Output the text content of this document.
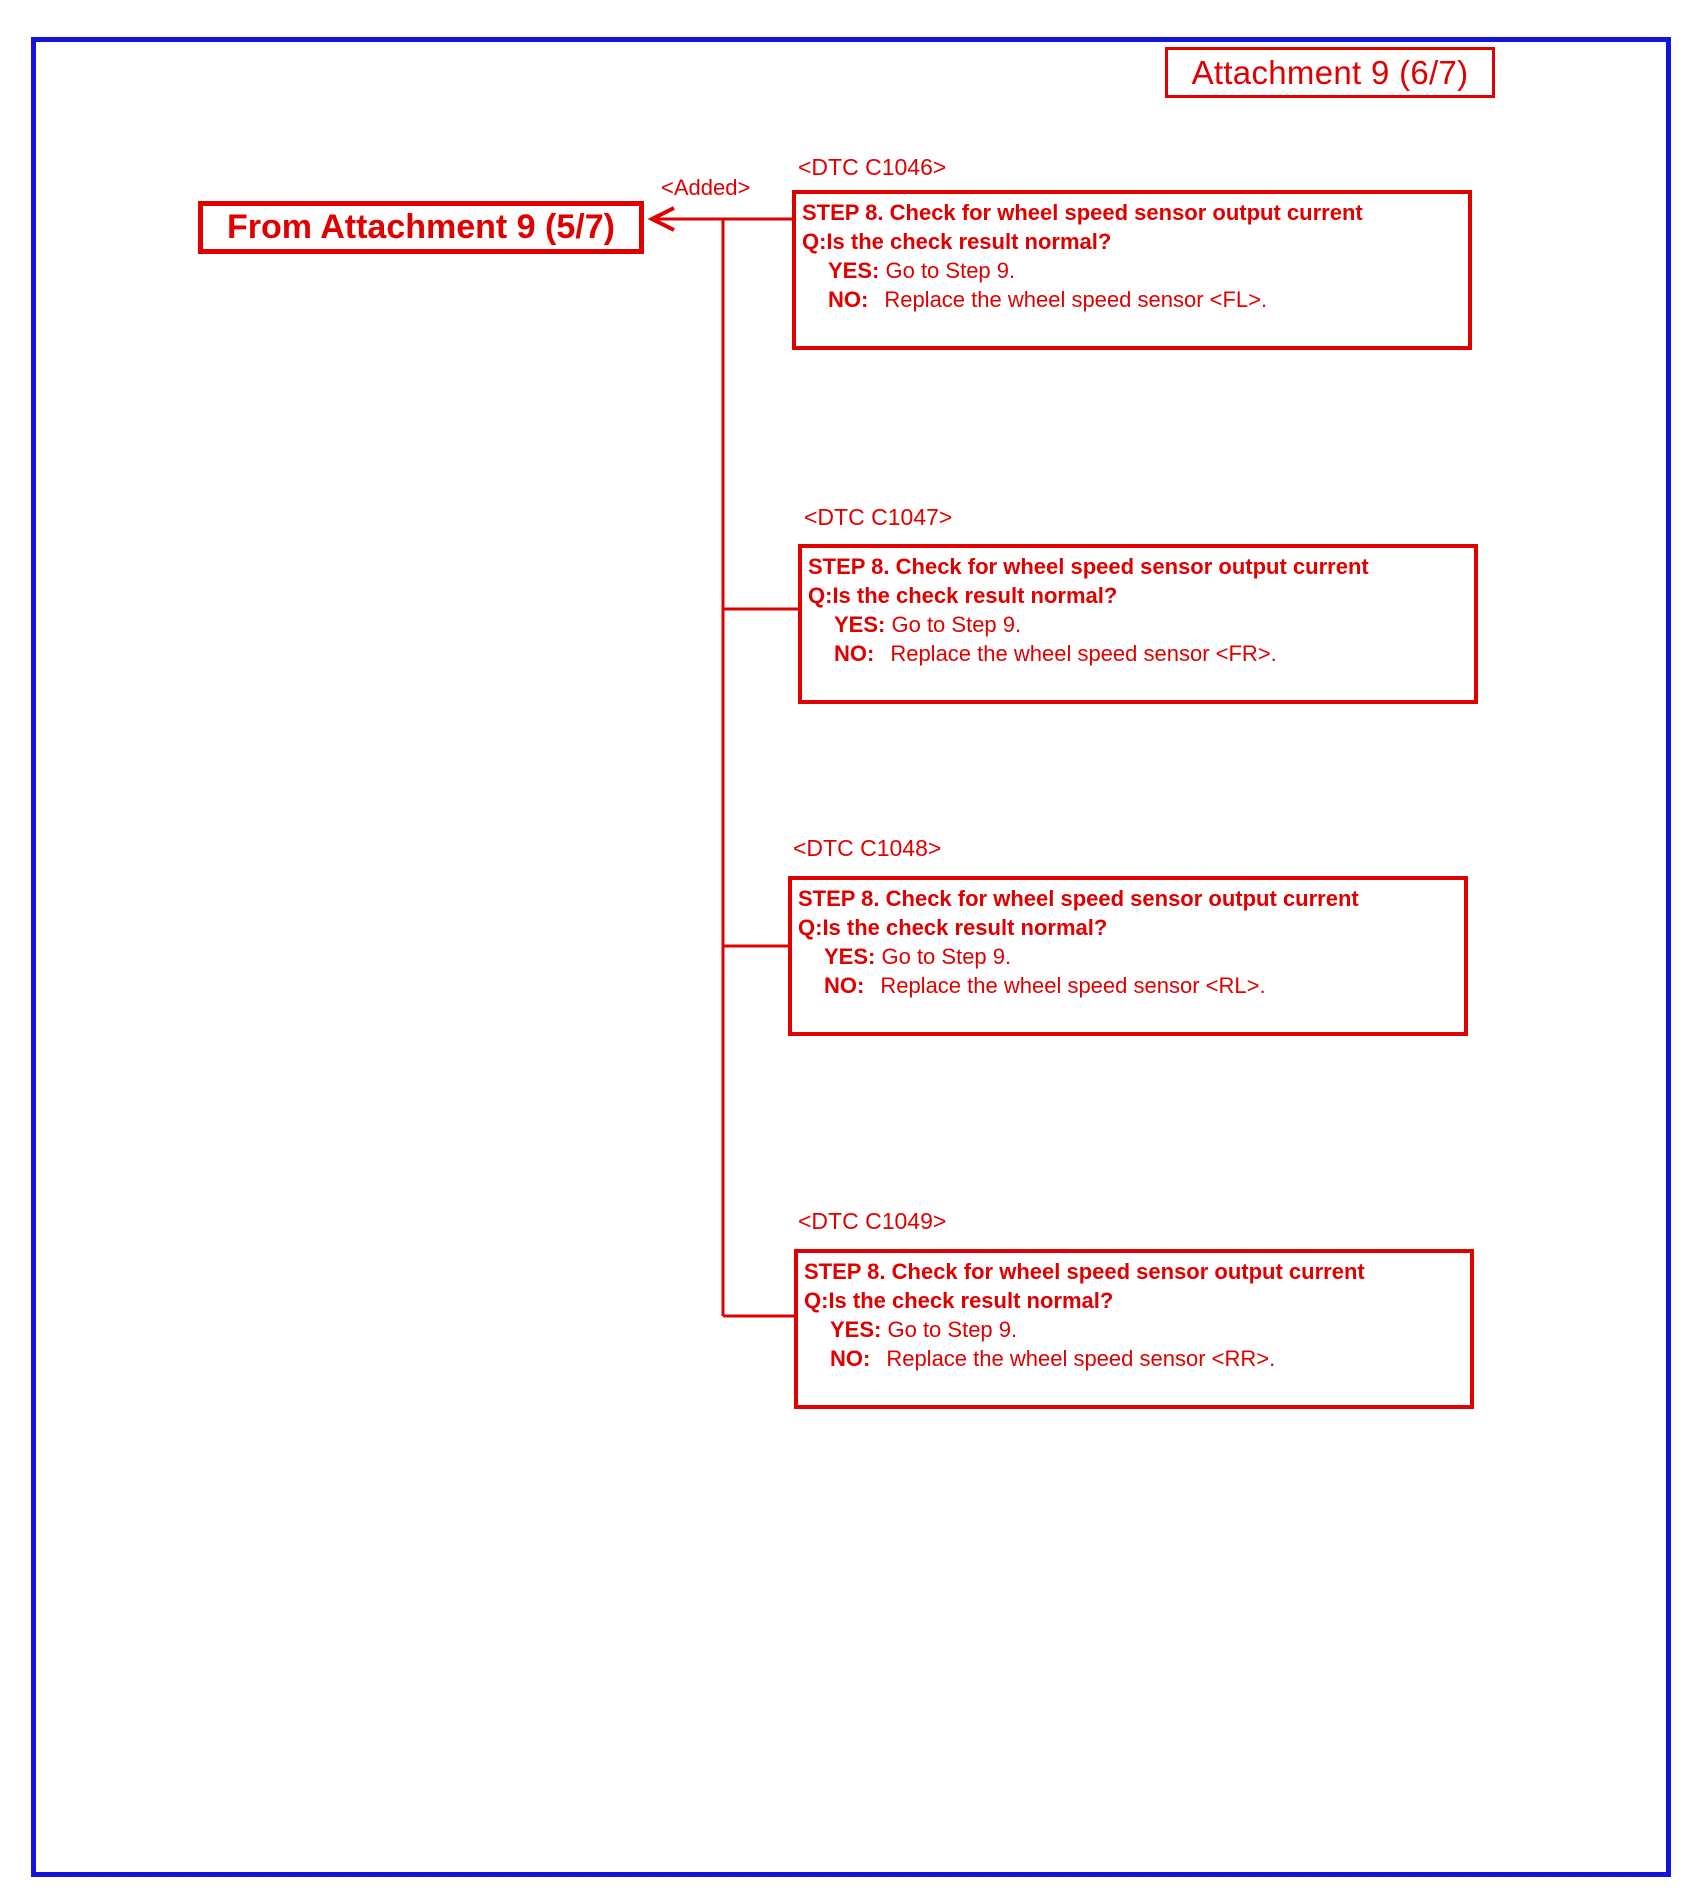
Attachment 9 (6/7)
<Added>
From Attachment 9 (5/7)
<DTC C1046>
STEP 8. Check for wheel speed sensor output current
Q:Is the check result normal?
YES: Go to Step 9.
NO: Replace the wheel speed sensor <FL>.
<DTC C1047>
STEP 8. Check for wheel speed sensor output current
Q:Is the check result normal?
YES: Go to Step 9.
NO: Replace the wheel speed sensor <FR>.
<DTC C1048>
STEP 8. Check for wheel speed sensor output current
Q:Is the check result normal?
YES: Go to Step 9.
NO: Replace the wheel speed sensor <RL>.
<DTC C1049>
STEP 8. Check for wheel speed sensor output current
Q:Is the check result normal?
YES: Go to Step 9.
NO: Replace the wheel speed sensor <RR>.
